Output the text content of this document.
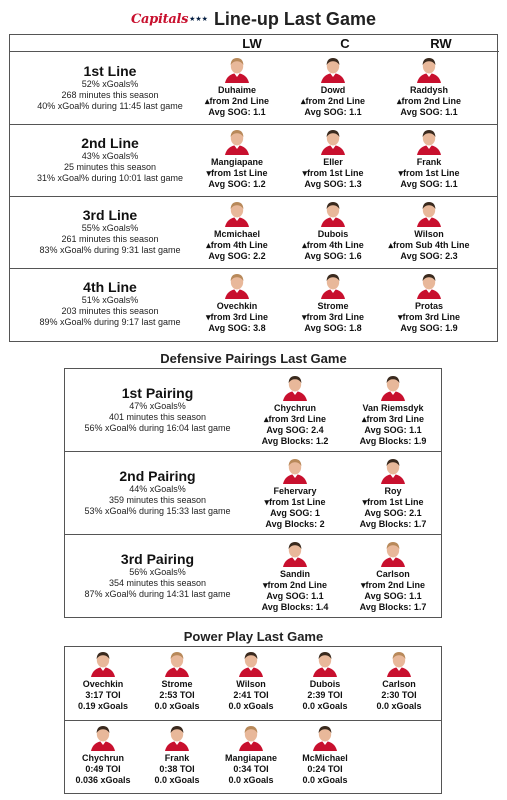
Capitals ★★★ Line-up Last Game
LW	C	RW
1st Line
52% xGoals%
268 minutes this season
40% xGoal% during 11:45 last game
Duhaime
▴from 2nd Line
Avg SOG: 1.1
Dowd
▴from 2nd Line
Avg SOG: 1.1
Raddysh
▴from 2nd Line
Avg SOG: 1.1
2nd Line
43% xGoals%
25 minutes this season
31% xGoal% during 10:01 last game
Mangiapane
▾from 1st Line
Avg SOG: 1.2
Eller
▾from 1st Line
Avg SOG: 1.3
Frank
▾from 1st Line
Avg SOG: 1.1
3rd Line
55% xGoals%
261 minutes this season
83% xGoal% during 9:31 last game
Mcmichael
▴from 4th Line
Avg SOG: 2.2
Dubois
▴from 4th Line
Avg SOG: 1.6
Wilson
▴from Sub 4th Line
Avg SOG: 2.3
4th Line
51% xGoals%
203 minutes this season
89% xGoal% during 9:17 last game
Ovechkin
▾from 3rd Line
Avg SOG: 3.8
Strome
▾from 3rd Line
Avg SOG: 1.8
Protas
▾from 3rd Line
Avg SOG: 1.9
Defensive Pairings Last Game
1st Pairing
47% xGoals%
401 minutes this season
56% xGoal% during 16:04 last game
Chychrun
▴from 3rd Line
Avg SOG: 2.4
Avg Blocks: 1.2
Van Riemsdyk
▴from 3rd Line
Avg SOG: 1.1
Avg Blocks: 1.9
2nd Pairing
44% xGoals%
359 minutes this season
53% xGoal% during 15:33 last game
Fehervary
▾from 1st Line
Avg SOG: 1
Avg Blocks: 2
Roy
▾from 1st Line
Avg SOG: 2.1
Avg Blocks: 1.7
3rd Pairing
56% xGoals%
354 minutes this season
87% xGoal% during 14:31 last game
Sandin
▾from 2nd Line
Avg SOG: 1.1
Avg Blocks: 1.4
Carlson
▾from 2nd Line
Avg SOG: 1.1
Avg Blocks: 1.7
Power Play Last Game
Ovechkin
3:17 TOI
0.19 xGoals
Strome
2:53 TOI
0.0 xGoals
Wilson
2:41 TOI
0.0 xGoals
Dubois
2:39 TOI
0.0 xGoals
Carlson
2:30 TOI
0.0 xGoals
Chychrun
0:49 TOI
0.036 xGoals
Frank
0:38 TOI
0.0 xGoals
Mangiapane
0:34 TOI
0.0 xGoals
McMichael
0:24 TOI
0.0 xGoals
